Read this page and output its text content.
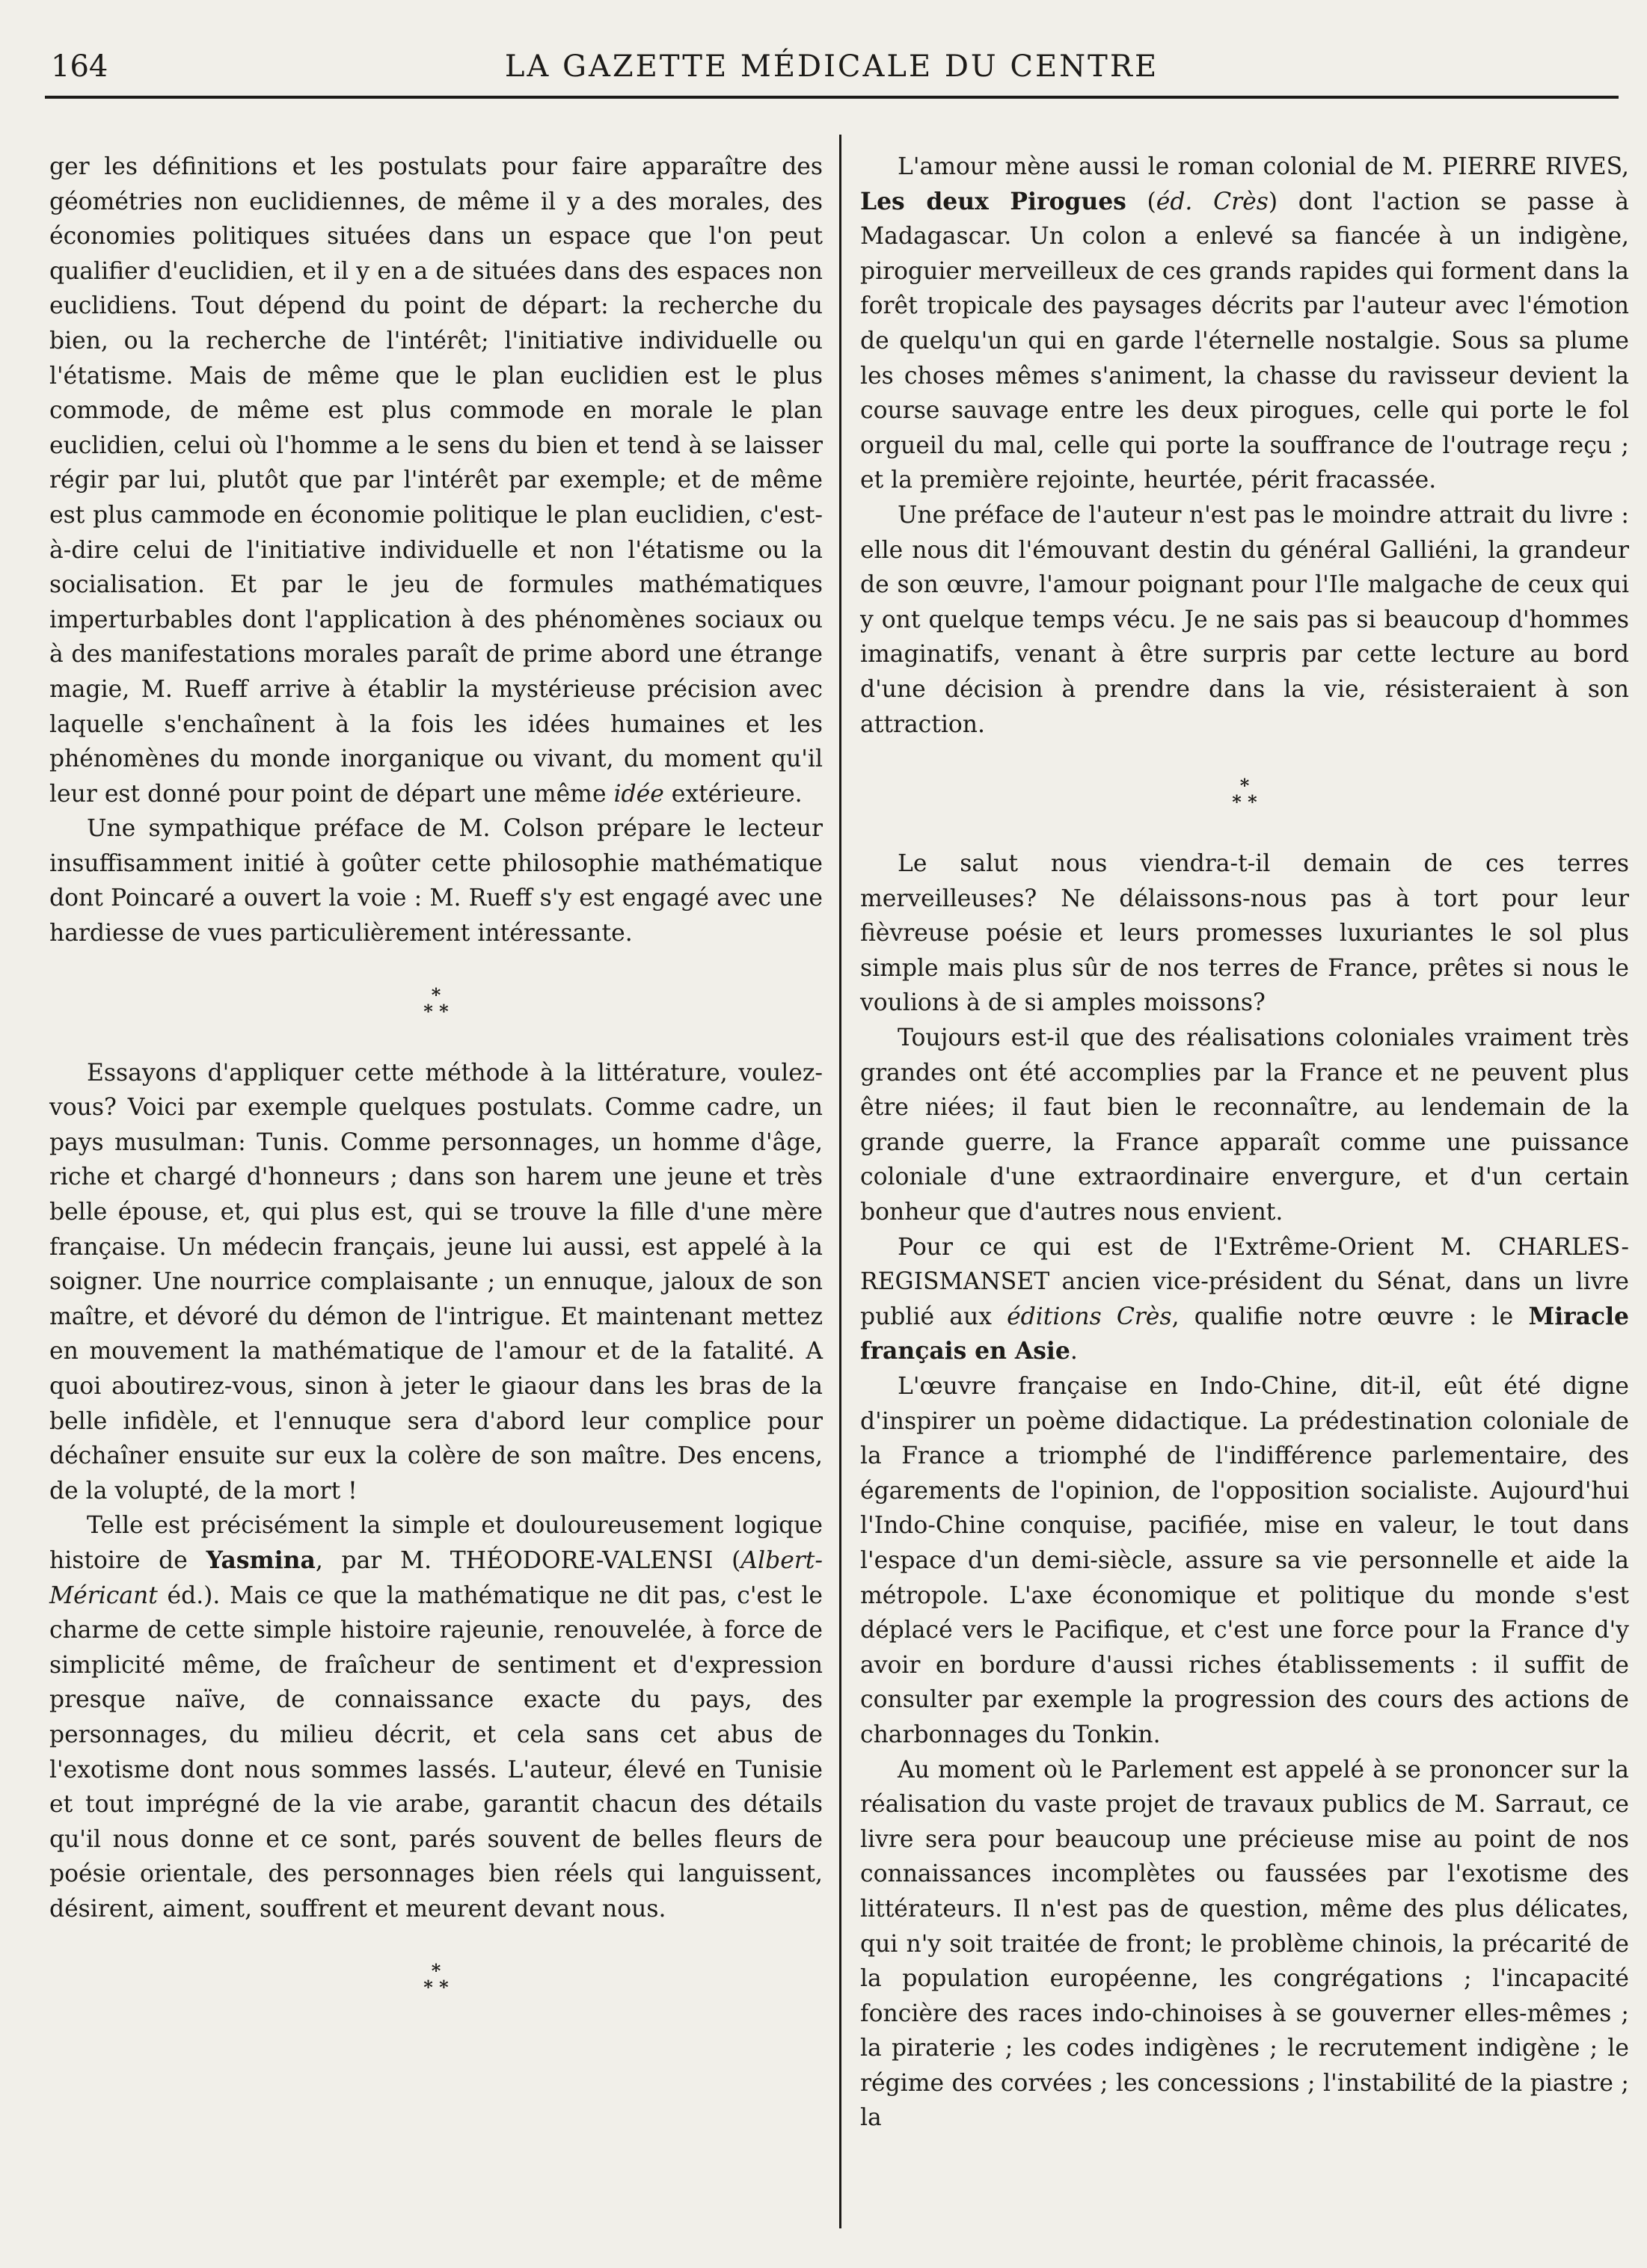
164	LA GAZETTE MÉDICALE DU CENTRE

ger les définitions et les postulats pour faire apparaître des géométries non euclidiennes, de même il y a des morales, des économies politiques situées dans un espace que l'on peut qualifier d'euclidien, et il y en a de situées dans des espaces non euclidiens. Tout dépend du point de départ: la recherche du bien, ou la recherche de l'intérêt; l'initiative individuelle ou l'étatisme. Mais de même que le plan euclidien est le plus commode, de même est plus commode en morale le plan euclidien, celui où l'homme a le sens du bien et tend à se laisser régir par lui, plutôt que par l'intérêt par exemple; et de même est plus cammode en économie politique le plan euclidien, c'est-à-dire celui de l'initiative individuelle et non l'étatisme ou la socialisation. Et par le jeu de formules mathématiques imperturbables dont l'application à des phénomènes sociaux ou à des manifestations morales paraît de prime abord une étrange magie, M. Rueff arrive à établir la mystérieuse précision avec laquelle s'enchaînent à la fois les idées humaines et les phénomènes du monde inorganique ou vivant, du moment qu'il leur est donné pour point de départ une même idée extérieure.

Une sympathique préface de M. Colson prépare le lecteur insuffisamment initié à goûter cette philosophie mathématique dont Poincaré a ouvert la voie : M. Rueff s'y est engagé avec une hardiesse de vues particulièrement intéressante.

*
* *

Essayons d'appliquer cette méthode à la littérature, voulez-vous? Voici par exemple quelques postulats. Comme cadre, un pays musulman: Tunis. Comme personnages, un homme d'âge, riche et chargé d'honneurs ; dans son harem une jeune et très belle épouse, et, qui plus est, qui se trouve la fille d'une mère française. Un médecin français, jeune lui aussi, est appelé à la soigner. Une nourrice complaisante ; un ennuque, jaloux de son maître, et dévoré du démon de l'intrigue. Et maintenant mettez en mouvement la mathématique de l'amour et de la fatalité. A quoi aboutirez-vous, sinon à jeter le giaour dans les bras de la belle infidèle, et l'ennuque sera d'abord leur complice pour déchaîner ensuite sur eux la colère de son maître. Des encens, de la volupté, de la mort !

Telle est précisément la simple et douloureusement logique histoire de Yasmina, par M. THÉODORE-VALENSI (Albert-Méricant éd.). Mais ce que la mathématique ne dit pas, c'est le charme de cette simple histoire rajeunie, renouvelée, à force de simplicité même, de fraîcheur de sentiment et d'expression presque naïve, de connaissance exacte du pays, des personnages, du milieu décrit, et cela sans cet abus de l'exotisme dont nous sommes lassés. L'auteur, élevé en Tunisie et tout imprégné de la vie arabe, garantit chacun des détails qu'il nous donne et ce sont, parés souvent de belles fleurs de poésie orientale, des personnages bien réels qui languissent, désirent, aiment, souffrent et meurent devant nous.

*
* *

L'amour mène aussi le roman colonial de M. PIERRE RIVES, Les deux Pirogues (éd. Crès) dont l'action se passe à Madagascar. Un colon a enlevé sa fiancée à un indigène, piroguier merveilleux de ces grands rapides qui forment dans la forêt tropicale des paysages décrits par l'auteur avec l'émotion de quelqu'un qui en garde l'éternelle nostalgie. Sous sa plume les choses mêmes s'animent, la chasse du ravisseur devient la course sauvage entre les deux pirogues, celle qui porte le fol orgueil du mal, celle qui porte la souffrance de l'outrage reçu ; et la première rejointe, heurtée, périt fracassée.

Une préface de l'auteur n'est pas le moindre attrait du livre : elle nous dit l'émouvant destin du général Galliéni, la grandeur de son œuvre, l'amour poignant pour l'Ile malgache de ceux qui y ont quelque temps vécu. Je ne sais pas si beaucoup d'hommes imaginatifs, venant à être surpris par cette lecture au bord d'une décision à prendre dans la vie, résisteraient à son attraction.

*
* *

Le salut nous viendra-t-il demain de ces terres merveilleuses? Ne délaissons-nous pas à tort pour leur fièvreuse poésie et leurs promesses luxuriantes le sol plus simple mais plus sûr de nos terres de France, prêtes si nous le voulions à de si amples moissons?

Toujours est-il que des réalisations coloniales vraiment très grandes ont été accomplies par la France et ne peuvent plus être niées; il faut bien le reconnaître, au lendemain de la grande guerre, la France apparaît comme une puissance coloniale d'une extraordinaire envergure, et d'un certain bonheur que d'autres nous envient.

Pour ce qui est de l'Extrême-Orient M. CHARLES-REGISMANSET ancien vice-président du Sénat, dans un livre publié aux éditions Crès, qualifie notre œuvre : le Miracle français en Asie.

L'œuvre française en Indo-Chine, dit-il, eût été digne d'inspirer un poème didactique. La prédestination coloniale de la France a triomphé de l'indifférence parlementaire, des égarements de l'opinion, de l'opposition socialiste. Aujourd'hui l'Indo-Chine conquise, pacifiée, mise en valeur, le tout dans l'espace d'un demi-siècle, assure sa vie personnelle et aide la métropole. L'axe économique et politique du monde s'est déplacé vers le Pacifique, et c'est une force pour la France d'y avoir en bordure d'aussi riches établissements : il suffit de consulter par exemple la progression des cours des actions de charbonnages du Tonkin.

Au moment où le Parlement est appelé à se prononcer sur la réalisation du vaste projet de travaux publics de M. Sarraut, ce livre sera pour beaucoup une précieuse mise au point de nos connaissances incomplètes ou faussées par l'exotisme des littérateurs. Il n'est pas de question, même des plus délicates, qui n'y soit traitée de front; le problème chinois, la précarité de la population européenne, les congrégations ; l'incapacité foncière des races indo-chinoises à se gouverner elles-mêmes ; la piraterie ; les codes indigènes ; le recrutement indigène ; le régime des corvées ; les concessions ; l'instabilité de la piastre ; la
